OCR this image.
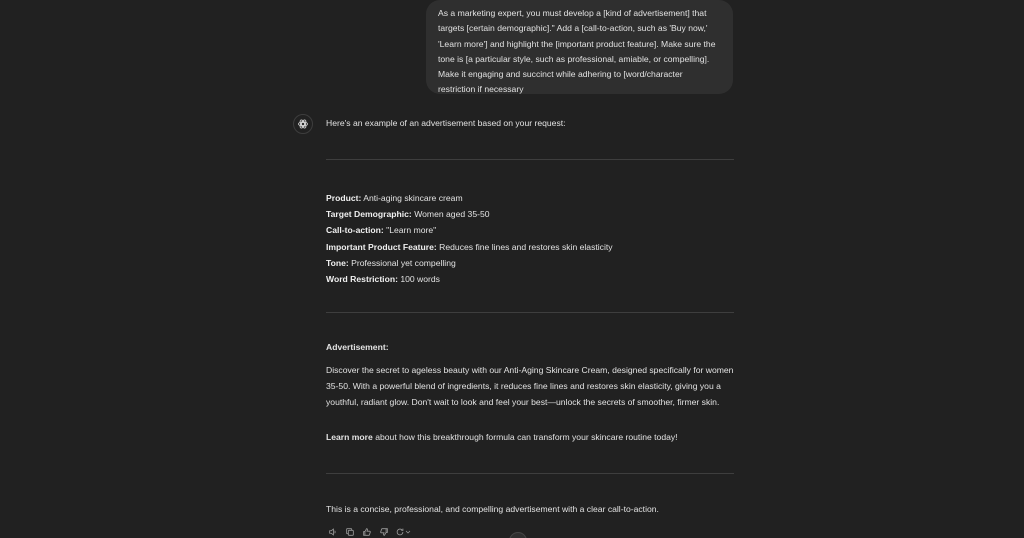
As a marketing expert, you must develop a [kind of advertisement] that targets [certain demographic]." Add a [call-to-action, such as 'Buy now,' 'Learn more'] and highlight the [important product feature]. Make sure the tone is [a particular style, such as professional, amiable, or compelling]. Make it engaging and succinct while adhering to [word/character restriction if necessary

Here's an example of an advertisement based on your request:

Product: Anti-aging skincare cream

Target Demographic: Women aged 35-50

Call-to-action: "Learn more"

Important Product Feature: Reduces fine lines and restores skin elasticity

Tone: Professional yet compelling

Word Restriction: 100 words

Advertisement:

Discover the secret to ageless beauty with our Anti-Aging Skincare Cream, designed specifically for women 35-50. With a powerful blend of ingredients, it reduces fine lines and restores skin elasticity, giving you a youthful, radiant glow. Don't wait to look and feel your best—unlock the secrets of smoother, firmer skin.

Learn more about how this breakthrough formula can transform your skincare routine today!

This is a concise, professional, and compelling advertisement with a clear call-to-action.
